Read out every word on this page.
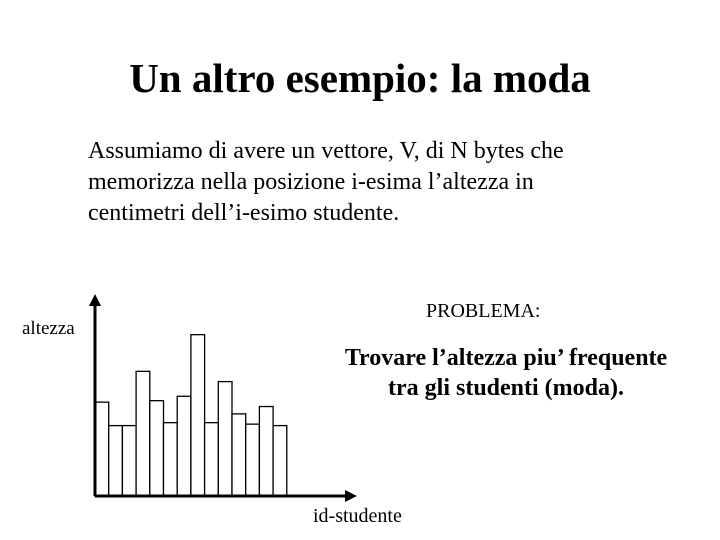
Un altro esempio: la moda
Assumiamo di avere un vettore, V, di N bytes che
memorizza nella posizione i-esima l’altezza in
centimetri dell’i-esimo studente.
altezza
id-studente
PROBLEMA:
Trovare l’altezza piu’ frequente
tra gli studenti (moda).
